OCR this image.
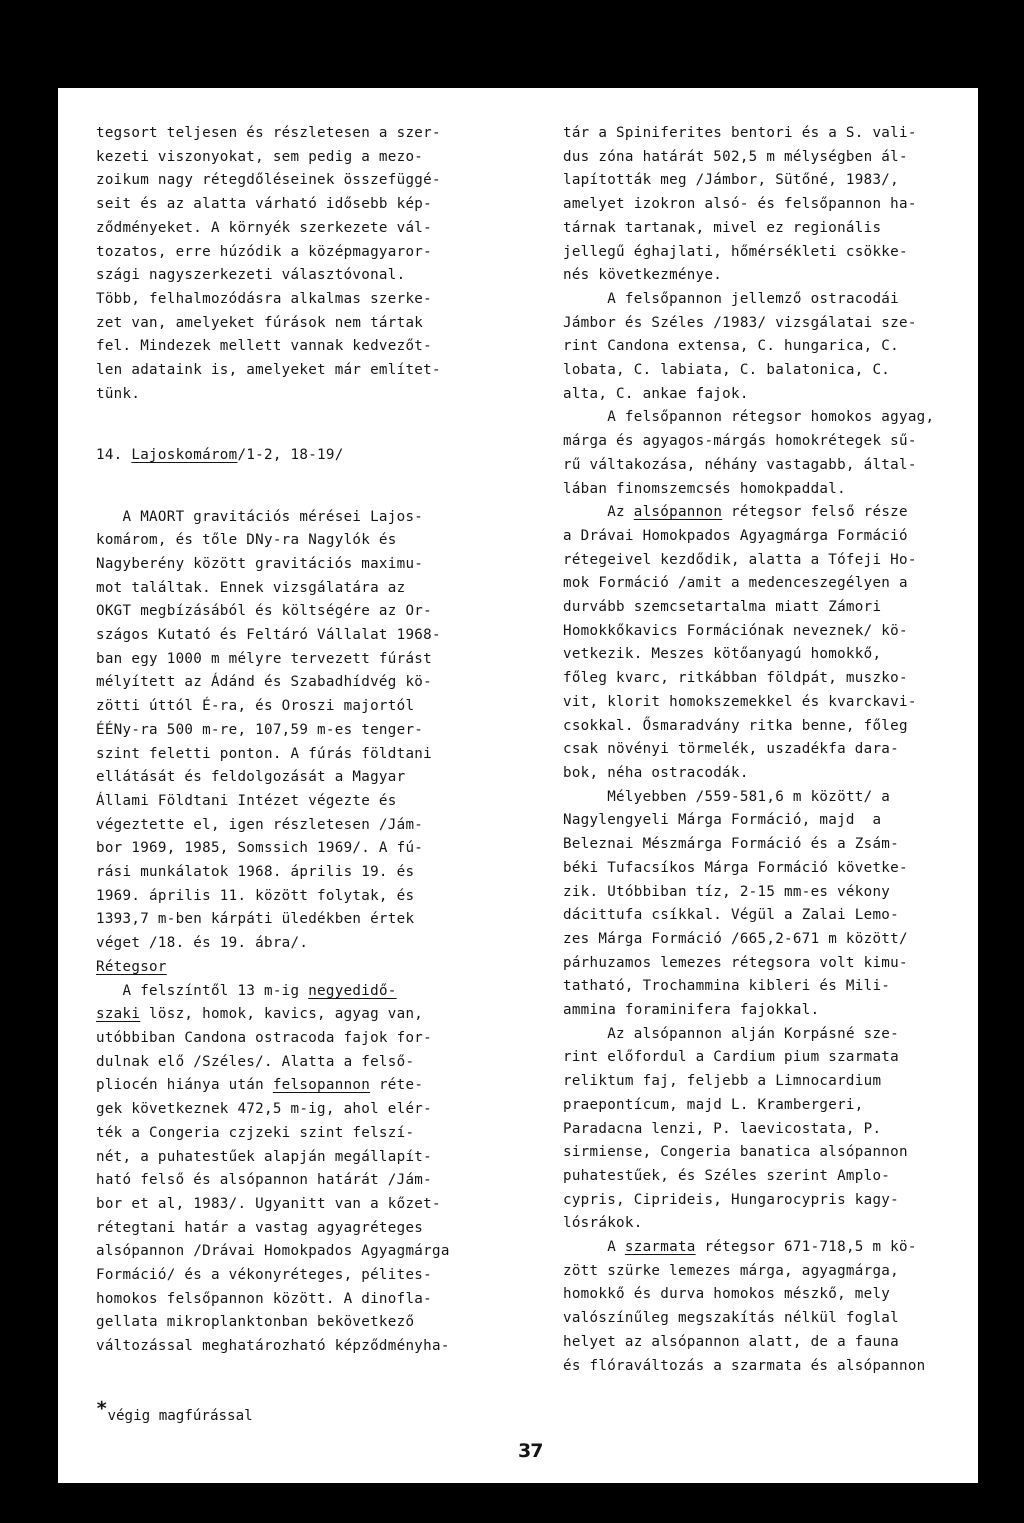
tegsort teljesen és részletesen a szer-

kezeti viszonyokat, sem pedig a mezo-

zoikum nagy rétegdőléseinek összefüggé-

seit és az alatta várható idősebb kép-

ződményeket. A környék szerkezete vál-

tozatos, erre húzódik a középmagyaror-

szági nagyszerkezeti választóvonal.

Több, felhalmozódásra alkalmas szerke-

zet van, amelyeket fúrások nem tártak

fel. Mindezek mellett vannak kedvezőt-

len adataink is, amelyeket már említet-

tünk.

14. Lajoskomárom/1-2, 18-19/

A MAORT gravitációs mérései Lajos-

komárom, és tőle DNy-ra Nagylók és

Nagyberény között gravitációs maximu-

mot találtak. Ennek vizsgálatára az

OKGT megbízásából és költségére az Or-

szágos Kutató és Feltáró Vállalat 1968-

ban egy 1000 m mélyre tervezett fúrást

mélyített az Ádánd és Szabadhídvég kö-

zötti úttól É-ra, és Oroszi majortól

ÉÉNy-ra 500 m-re, 107,59 m-es tenger-

szint feletti ponton. A fúrás földtani

ellátását és feldolgozását a Magyar

Állami Földtani Intézet végezte és

végeztette el, igen részletesen /Jám-

bor 1969, 1985, Somssich 1969/. A fú-

rási munkálatok 1968. április 19. és

1969. április 11. között folytak, és

1393,7 m-ben kárpáti üledékben értek

véget /18. és 19. ábra/.

Rétegsor

A felszíntől 13 m-ig negyedidő-

szaki lösz, homok, kavics, agyag van,

utóbbiban Candona ostracoda fajok for-

dulnak elő /Széles/. Alatta a felső-

pliocén hiánya után felsopannon réte-

gek következnek 472,5 m-ig, ahol elér-

ték a Congeria czjzeki szint felszí-

nét, a puhatestűek alapján megállapít-

ható felső és alsópannon határát /Jám-

bor et al, 1983/. Ugyanitt van a kőzet-

rétegtani határ a vastag agyagréteges

alsópannon /Drávai Homokpados Agyagmárga

Formáció/ és a vékonyréteges, pélites-

homokos felsőpannon között. A dinofla-

gellata mikroplanktonban bekövetkező

változással meghatározható képződményha-

tár a Spiniferites bentori és a S. vali-

dus zóna határát 502,5 m mélységben ál-

lapították meg /Jámbor, Sütőné, 1983/,

amelyet izokron alsó- és felsőpannon ha-

tárnak tartanak, mivel ez regionális

jellegű éghajlati, hőmérsékleti csökke-

nés következménye.

A felsőpannon jellemző ostracodái

Jámbor és Széles /1983/ vizsgálatai sze-

rint Candona extensa, C. hungarica, C.

lobata, C. labiata, C. balatonica, C.

alta, C. ankae fajok.

A felsőpannon rétegsor homokos agyag,

márga és agyagos-márgás homokrétegek sű-

rű váltakozása, néhány vastagabb, által-

lában finomszemcsés homokpaddal.

Az alsópannon rétegsor felső része

a Drávai Homokpados Agyagmárga Formáció

rétegeivel kezdődik, alatta a Tófeji Ho-

mok Formáció /amit a medenceszegélyen a

durvább szemcsetartalma miatt Zámori

Homokkőkavics Formációnak neveznek/ kö-

vetkezik. Meszes kötőanyagú homokkő,

főleg kvarc, ritkábban földpát, muszko-

vit, klorit homokszemekkel és kvarckavi-

csokkal. Ősmaradvány ritka benne, főleg

csak növényi törmelék, uszadékfa dara-

bok, néha ostracodák.

Mélyebben /559-581,6 m között/ a

Nagylengyeli Márga Formáció, majd  a

Beleznai Mészmárga Formáció és a Zsám-

béki Tufacsíkos Márga Formáció követke-

zik. Utóbbiban tíz, 2-15 mm-es vékony

dácittufa csíkkal. Végül a Zalai Lemo-

zes Márga Formáció /665,2-671 m között/

párhuzamos lemezes rétegsora volt kimu-

tatható, Trochammina kibleri és Mili-

ammina foraminifera fajokkal.

Az alsópannon alján Korpásné sze-

rint előfordul a Cardium pium szarmata

reliktum faj, feljebb a Limnocardium

praepontícum, majd L. Krambergeri,

Paradacna lenzi, P. laevicostata, P.

sirmiense, Congeria banatica alsópannon

puhatestűek, és Széles szerint Amplo-

cypris, Ciprideis, Hungarocypris kagy-

lósrákok.

A szarmata rétegsor 671-718,5 m kö-

zött szürke lemezes márga, agyagmárga,

homokkő és durva homokos mészkő, mely

valószínűleg megszakítás nélkül foglal

helyet az alsópannon alatt, de a fauna

és flóraváltozás a szarmata és alsópannon

*végig magfúrással
37
